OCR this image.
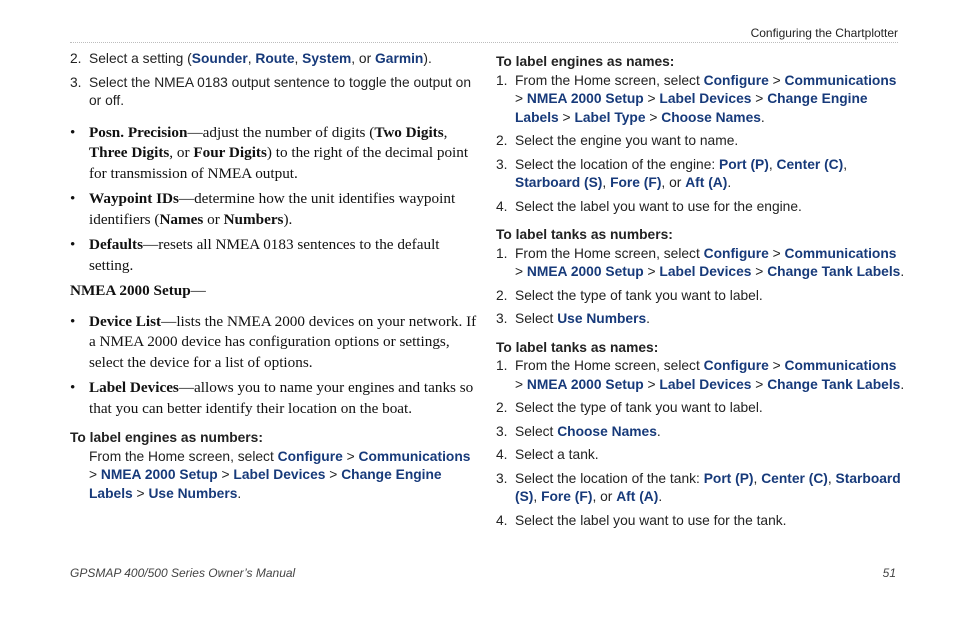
Configuring the Chartplotter
2. Select a setting (Sounder, Route, System, or Garmin).
3. Select the NMEA 0183 output sentence to toggle the output on or off.
• Posn. Precision—adjust the number of digits (Two Digits, Three Digits, or Four Digits) to the right of the decimal point for transmission of NMEA output.
• Waypoint IDs—determine how the unit identifies waypoint identifiers (Names or Numbers).
• Defaults—resets all NMEA 0183 sentences to the default setting.
NMEA 2000 Setup—
• Device List—lists the NMEA 2000 devices on your network. If a NMEA 2000 device has configuration options or settings, select the device for a list of options.
• Label Devices—allows you to name your engines and tanks so that you can better identify their location on the boat.
To label engines as numbers:
From the Home screen, select Configure > Communications > NMEA 2000 Setup > Label Devices > Change Engine Labels > Use Numbers.
To label engines as names:
1. From the Home screen, select Configure > Communications > NMEA 2000 Setup > Label Devices > Change Engine Labels > Label Type > Choose Names.
2. Select the engine you want to name.
3. Select the location of the engine: Port (P), Center (C), Starboard (S), Fore (F), or Aft (A).
4. Select the label you want to use for the engine.
To label tanks as numbers:
1. From the Home screen, select Configure > Communications > NMEA 2000 Setup > Label Devices > Change Tank Labels.
2. Select the type of tank you want to label.
3. Select Use Numbers.
To label tanks as names:
1. From the Home screen, select Configure > Communications > NMEA 2000 Setup > Label Devices > Change Tank Labels.
2. Select the type of tank you want to label.
3. Select Choose Names.
4. Select a tank.
3. Select the location of the tank: Port (P), Center (C), Starboard (S), Fore (F), or Aft (A).
4. Select the label you want to use for the tank.
GPSMAP 400/500 Series Owner’s Manual	51
